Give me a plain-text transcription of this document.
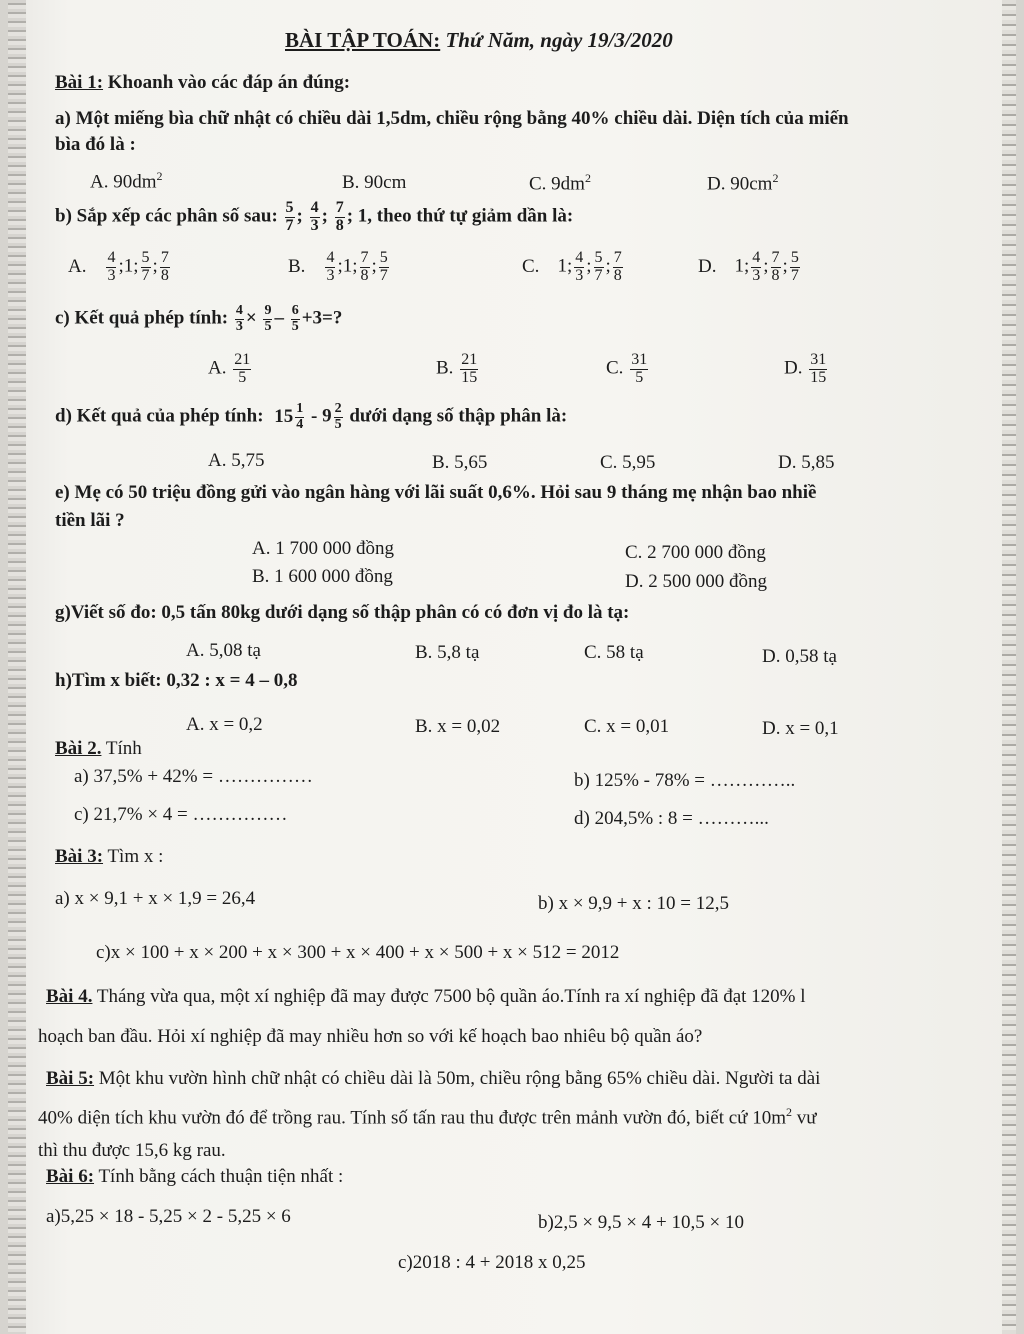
BÀI TẬP TOÁN: Thứ Năm, ngày 19/3/2020
Bài 1: Khoanh vào các đáp án đúng:
a) Một miếng bìa chữ nhật có chiều dài 1,5dm, chiều rộng bằng 40% chiều dài. Diện tích của miến
bìa đó là :
A. $90dm^2$	B. 90cm	C. $9dm^2$	D. $90cm^2$
b) Sắp xếp các phân số sau: $\frac{5}{7}$ ; $\frac{4}{3}$ ; $\frac{7}{8}$ ; 1, theo thứ tự giảm dần là:
A. $\frac{4}{3}$ ;1; $\frac{5}{7}$ ; $\frac{7}{8}$	B. $\frac{4}{3}$ ;1; $\frac{7}{8}$ ; $\frac{5}{7}$	C. 1; $\frac{4}{3}$ ; $\frac{5}{7}$ ; $\frac{7}{8}$	D. 1; $\frac{4}{3}$ ; $\frac{7}{8}$ ; $\frac{5}{7}$
c) Kết quả phép tính: $\frac{4}{3} \times \frac{9}{5} - \frac{6}{5} +3=$?
A. $\frac{21}{5}$	B. $\frac{21}{15}$	C. $\frac{31}{5}$	D. $\frac{31}{15}$
d) Kết quả của phép tính: $15 \frac{1}{4} - 9 \frac{2}{5}$ dưới dạng số thập phân là:
A. 5,75	B. 5,65	C. 5,95	D. 5,85
e) Mẹ có 50 triệu đồng gửi vào ngân hàng với lãi suất 0,6%. Hỏi sau 9 tháng mẹ nhận bao nhiề
tiền lãi ?
A. 1 700 000 đồng	C. 2 700 000 đồng
B. 1 600 000 đồng	D. 2 500 000 đồng
g)Viết số đo: 0,5 tấn 80kg dưới dạng số thập phân có có đơn vị đo là tạ:
A. 5,08 tạ	B. 5,8 tạ	C. 58 tạ	D. 0,58 tạ
h)Tìm x biết: 0,32 : x = 4 – 0,8
A. x = 0,2	B. x = 0,02	C. x = 0,01	D. x = 0,1
Bài 2. Tính
a) 37,5% + 42% = ……………	b) 125% - 78% = …………..
c) 21,7% × 4 = ……………	d) 204,5% : 8 = ………...
Bài 3: Tìm x :
a) x × 9,1 + x × 1,9 = 26,4	b) x × 9,9 + x : 10 = 12,5
c)x × 100 + x × 200 + x × 300 + x × 400 + x × 500 + x × 512 = 2012
Bài 4. Tháng vừa qua, một xí nghiệp đã may được 7500 bộ quần áo.Tính ra xí nghiệp đã đạt 120% l
hoạch ban đầu. Hỏi xí nghiệp đã may nhiều hơn so với kế hoạch bao nhiêu bộ quần áo?
Bài 5: Một khu vườn hình chữ nhật có chiều dài là 50m, chiều rộng bằng 65% chiều dài. Người ta dài
40% diện tích khu vườn đó để trồng rau. Tính số tấn rau thu được trên mảnh vườn đó, biết cứ $10m^2$ vư
thì thu được 15,6 kg rau.
Bài 6: Tính bằng cách thuận tiện nhất :
a)5,25 × 18 - 5,25 × 2 - 5,25 × 6	b)2,5 × 9,5 × 4 + 10,5 × 10
c)2018 : 4 + 2018 x 0,25
